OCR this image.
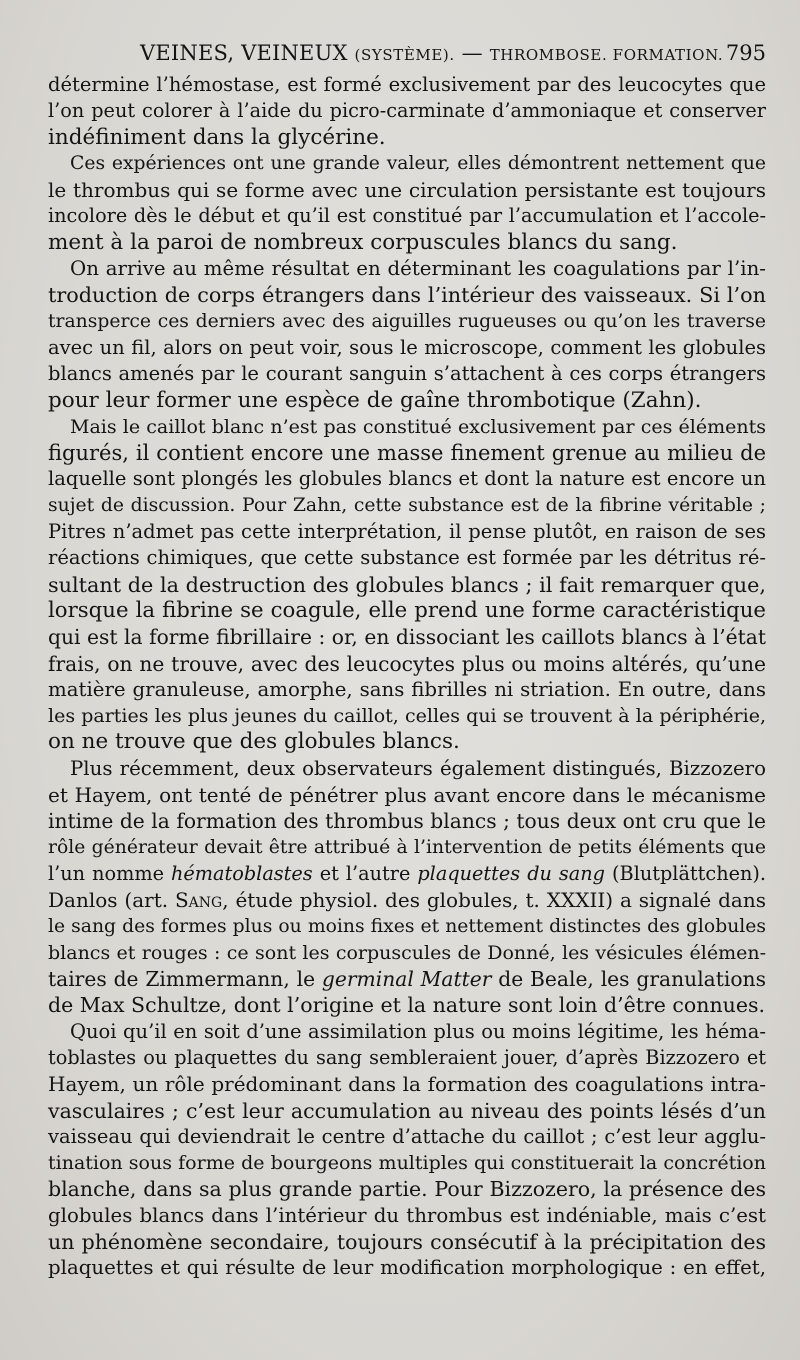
VEINES, VEINEUX (SYSTÈME). — THROMBOSE. FORMATION. 795
détermine l’hémostase, est formé exclusivement par des leucocytes que
l’on peut colorer à l’aide du picro-carminate d’ammoniaque et conserver
indéfiniment dans la glycérine.
Ces expériences ont une grande valeur, elles démontrent nettement que
le thrombus qui se forme avec une circulation persistante est toujours
incolore dès le début et qu’il est constitué par l’accumulation et l’accole-
ment à la paroi de nombreux corpuscules blancs du sang.
On arrive au même résultat en déterminant les coagulations par l’in-
troduction de corps étrangers dans l’intérieur des vaisseaux. Si l’on
transperce ces derniers avec des aiguilles rugueuses ou qu’on les traverse
avec un fil, alors on peut voir, sous le microscope, comment les globules
blancs amenés par le courant sanguin s’attachent à ces corps étrangers
pour leur former une espèce de gaîne thrombotique (Zahn).
Mais le caillot blanc n’est pas constitué exclusivement par ces éléments
figurés, il contient encore une masse finement grenue au milieu de
laquelle sont plongés les globules blancs et dont la nature est encore un
sujet de discussion. Pour Zahn, cette substance est de la fibrine véritable ;
Pitres n’admet pas cette interprétation, il pense plutôt, en raison de ses
réactions chimiques, que cette substance est formée par les détritus ré-
sultant de la destruction des globules blancs ; il fait remarquer que,
lorsque la fibrine se coagule, elle prend une forme caractéristique
qui est la forme fibrillaire : or, en dissociant les caillots blancs à l’état
frais, on ne trouve, avec des leucocytes plus ou moins altérés, qu’une
matière granuleuse, amorphe, sans fibrilles ni striation. En outre, dans
les parties les plus jeunes du caillot, celles qui se trouvent à la périphérie,
on ne trouve que des globules blancs.
Plus récemment, deux observateurs également distingués, Bizzozero
et Hayem, ont tenté de pénétrer plus avant encore dans le mécanisme
intime de la formation des thrombus blancs ; tous deux ont cru que le
rôle générateur devait être attribué à l’intervention de petits éléments que
l’un nomme hématoblastes et l’autre plaquettes du sang (Blutplättchen).
Danlos (art. Sang, étude physiol. des globules, t. XXXII) a signalé dans
le sang des formes plus ou moins fixes et nettement distinctes des globules
blancs et rouges : ce sont les corpuscules de Donné, les vésicules élémen-
taires de Zimmermann, le germinal Matter de Beale, les granulations
de Max Schultze, dont l’origine et la nature sont loin d’être connues.
Quoi qu’il en soit d’une assimilation plus ou moins légitime, les héma-
toblastes ou plaquettes du sang sembleraient jouer, d’après Bizzozero et
Hayem, un rôle prédominant dans la formation des coagulations intra-
vasculaires ; c’est leur accumulation au niveau des points lésés d’un
vaisseau qui deviendrait le centre d’attache du caillot ; c’est leur agglu-
tination sous forme de bourgeons multiples qui constituerait la concrétion
blanche, dans sa plus grande partie. Pour Bizzozero, la présence des
globules blancs dans l’intérieur du thrombus est indéniable, mais c’est
un phénomène secondaire, toujours consécutif à la précipitation des
plaquettes et qui résulte de leur modification morphologique : en effet,
